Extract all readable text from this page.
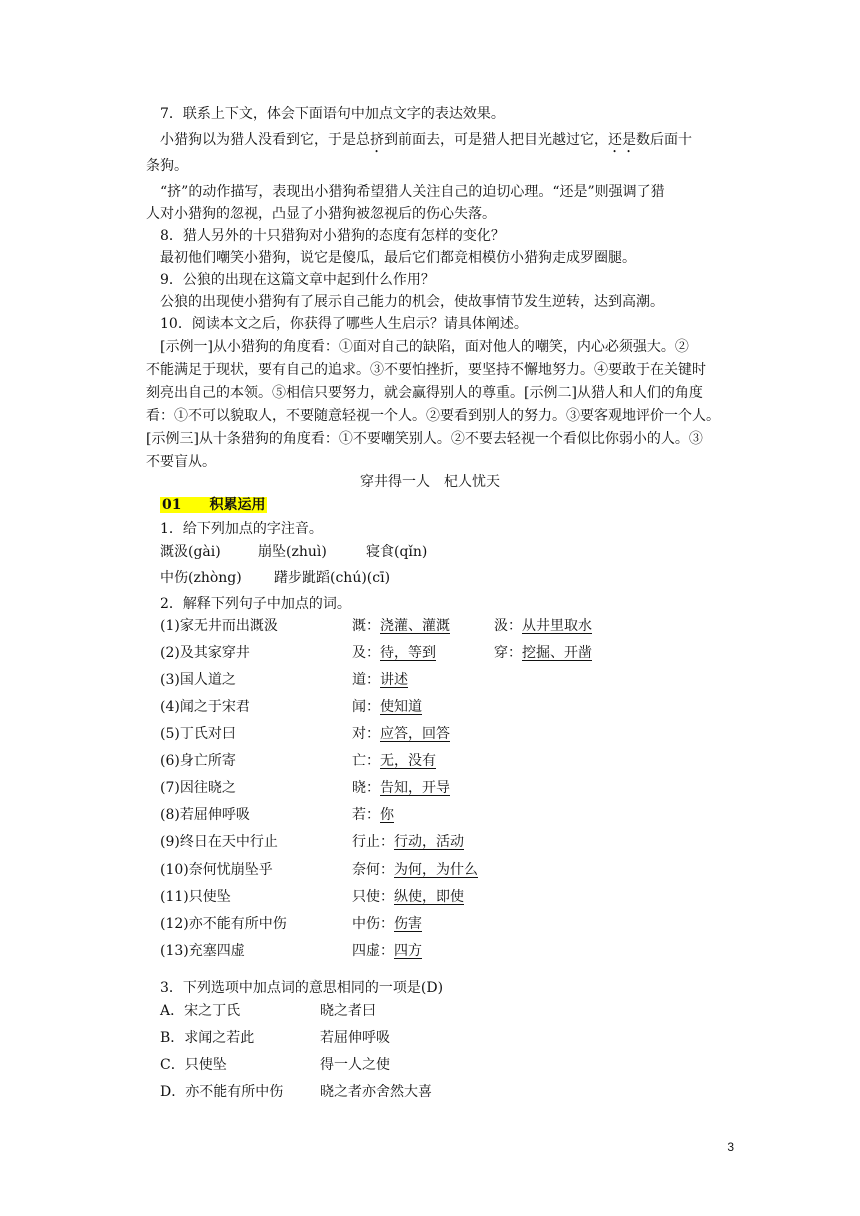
7．联系上下文，体会下面语句中加点文字的表达效果。
小猎狗以为猎人没看到它，于是总挤到前面去，可是猎人把目光越过它，还是数后面十
条狗。
“挤”的动作描写，表现出小猎狗希望猎人关注自己的迫切心理。“还是”则强调了猎
人对小猎狗的忽视，凸显了小猎狗被忽视后的伤心失落。
8．猎人另外的十只猎狗对小猎狗的态度有怎样的变化？
最初他们嘲笑小猎狗，说它是傻瓜，最后它们都竞相模仿小猎狗走成罗圈腿。
9．公狼的出现在这篇文章中起到什么作用？
公狼的出现使小猎狗有了展示自己能力的机会，使故事情节发生逆转，达到高潮。
10．阅读本文之后，你获得了哪些人生启示？请具体阐述。
[示例一]从小猎狗的角度看：①面对自己的缺陷，面对他人的嘲笑，内心必须强大。②
不能满足于现状，要有自己的追求。③不要怕挫折，要坚持不懈地努力。④要敢于在关键时
刻亮出自己的本领。⑤相信只要努力，就会赢得别人的尊重。[示例二]从猎人和人们的角度
看：①不可以貌取人，不要随意轻视一个人。②要看到别人的努力。③要客观地评价一个人。
[示例三]从十条猎狗的角度看：①不要嘲笑别人。②不要去轻视一个看似比你弱小的人。③
不要盲从。
穿井得一人　杞人忧天
01　　积累运用
1．给下列加点的字注音。
溉汲(gài)	崩坠(zhuì)	寝食(qǐn)
中伤(zhòng) 躇步跐蹈(chú)(cī)
2．解释下列句子中加点的词。
(1)家无井而出溉汲	溉：浇灌、灌溉	汲：从井里取水
(2)及其家穿井	及：待，等到	穿：挖掘、开凿
(3)国人道之	道：讲述
(4)闻之于宋君	闻：使知道
(5)丁氏对曰	对：应答，回答
(6)身亡所寄	亡：无，没有
(7)因往晓之	晓：告知，开导
(8)若屈伸呼吸	若：你
(9)终日在天中行止	行止：行动，活动
(10)奈何忧崩坠乎	奈何：为何，为什么
(11)只使坠	只使：纵使，即使
(12)亦不能有所中伤	中伤：伤害
(13)充塞四虚	四虚：四方
3．下列选项中加点词的意思相同的一项是(D)
A．宋之丁氏	晓之者曰
B．求闻之若此	若屈伸呼吸
C．只使坠	得一人之使
D．亦不能有所中伤	晓之者亦舍然大喜
3
